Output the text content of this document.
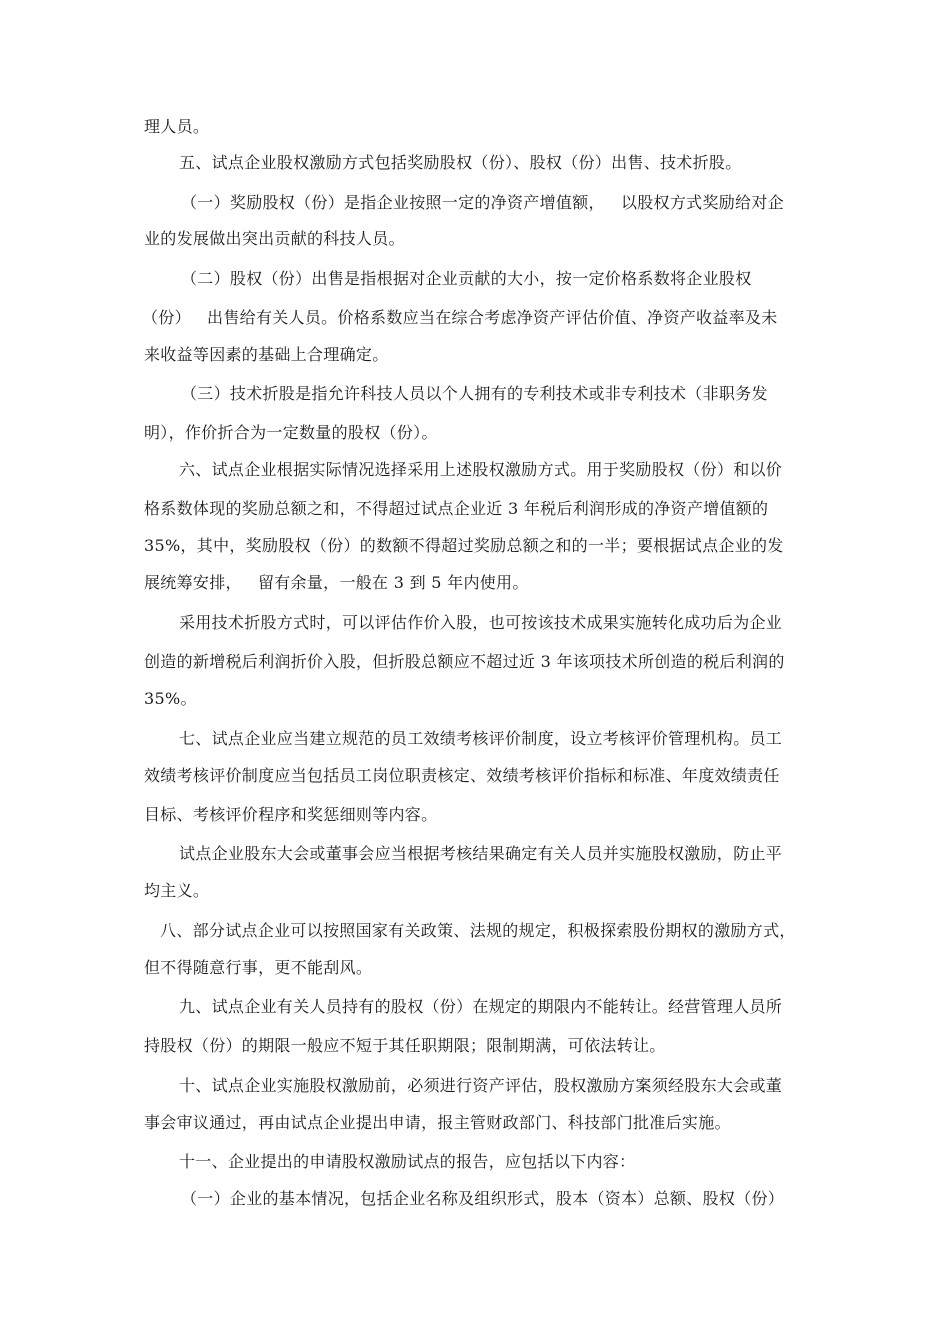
理人员。
五、试点企业股权激励方式包括奖励股权（份）、股权（份）出售、技术折股。
（一）奖励股权（份）是指企业按照一定的净资产增值额，   以股权方式奖励给对企
业的发展做出突出贡献的科技人员。
（二）股权（份）出售是指根据对企业贡献的大小，按一定价格系数将企业股权
（份）   出售给有关人员。价格系数应当在综合考虑净资产评估价值、净资产收益率及未
来收益等因素的基础上合理确定。
（三）技术折股是指允许科技人员以个人拥有的专利技术或非专利技术（非职务发
明），作价折合为一定数量的股权（份）。
六、试点企业根据实际情况选择采用上述股权激励方式。用于奖励股权（份）和以价
格系数体现的奖励总额之和，不得超过试点企业近 3 年税后利润形成的净资产增值额的
35%，其中，奖励股权（份）的数额不得超过奖励总额之和的一半；要根据试点企业的发
展统筹安排，   留有余量，一般在 3 到 5 年内使用。
采用技术折股方式时，可以评估作价入股，也可按该技术成果实施转化成功后为企业
创造的新增税后利润折价入股，但折股总额应不超过近 3 年该项技术所创造的税后利润的
35%。
七、试点企业应当建立规范的员工效绩考核评价制度，设立考核评价管理机构。员工
效绩考核评价制度应当包括员工岗位职责核定、效绩考核评价指标和标准、年度效绩责任
目标、考核评价程序和奖惩细则等内容。
试点企业股东大会或董事会应当根据考核结果确定有关人员并实施股权激励，防止平
均主义。
八、部分试点企业可以按照国家有关政策、法规的规定，积极探索股份期权的激励方式，
但不得随意行事，更不能刮风。
九、试点企业有关人员持有的股权（份）在规定的期限内不能转让。经营管理人员所
持股权（份）的期限一般应不短于其任职期限；限制期满，可依法转让。
十、试点企业实施股权激励前，必须进行资产评估，股权激励方案须经股东大会或董
事会审议通过，再由试点企业提出申请，报主管财政部门、科技部门批准后实施。
十一、企业提出的申请股权激励试点的报告，应包括以下内容：
（一）企业的基本情况，包括企业名称及组织形式，股本（资本）总额、股权（份）
